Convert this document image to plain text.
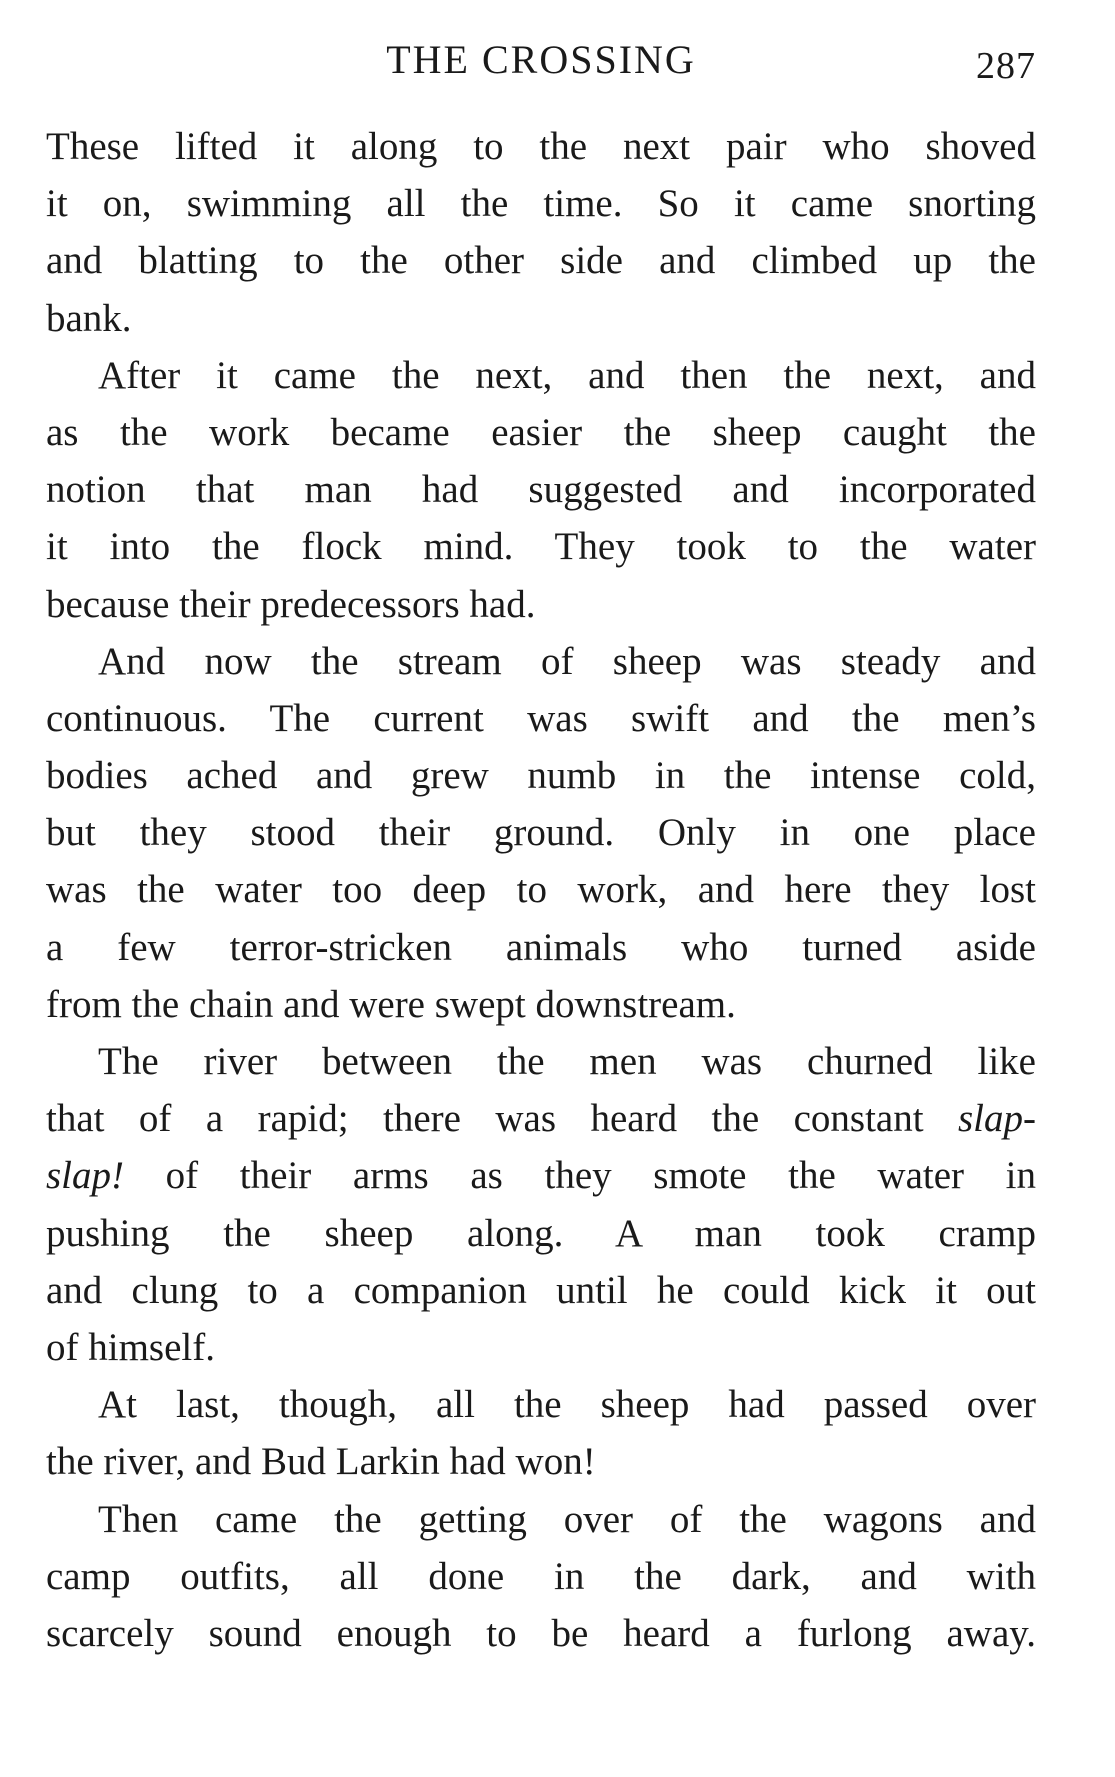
THE CROSSING	287
These lifted it along to the next pair who shoved
it on, swimming all the time. So it came snorting
and blatting to the other side and climbed up the
bank.
After it came the next, and then the next, and
as the work became easier the sheep caught the
notion that man had suggested and incorporated
it into the flock mind. They took to the water
because their predecessors had.
And now the stream of sheep was steady and
continuous. The current was swift and the men’s
bodies ached and grew numb in the intense cold,
but they stood their ground. Only in one place
was the water too deep to work, and here they lost
a few terror-stricken animals who turned aside
from the chain and were swept downstream.
The river between the men was churned like
that of a rapid; there was heard the constant slap-
slap! of their arms as they smote the water in
pushing the sheep along. A man took cramp
and clung to a companion until he could kick it out
of himself.
At last, though, all the sheep had passed over
the river, and Bud Larkin had won!
Then came the getting over of the wagons and
camp outfits, all done in the dark, and with
scarcely sound enough to be heard a furlong away.
